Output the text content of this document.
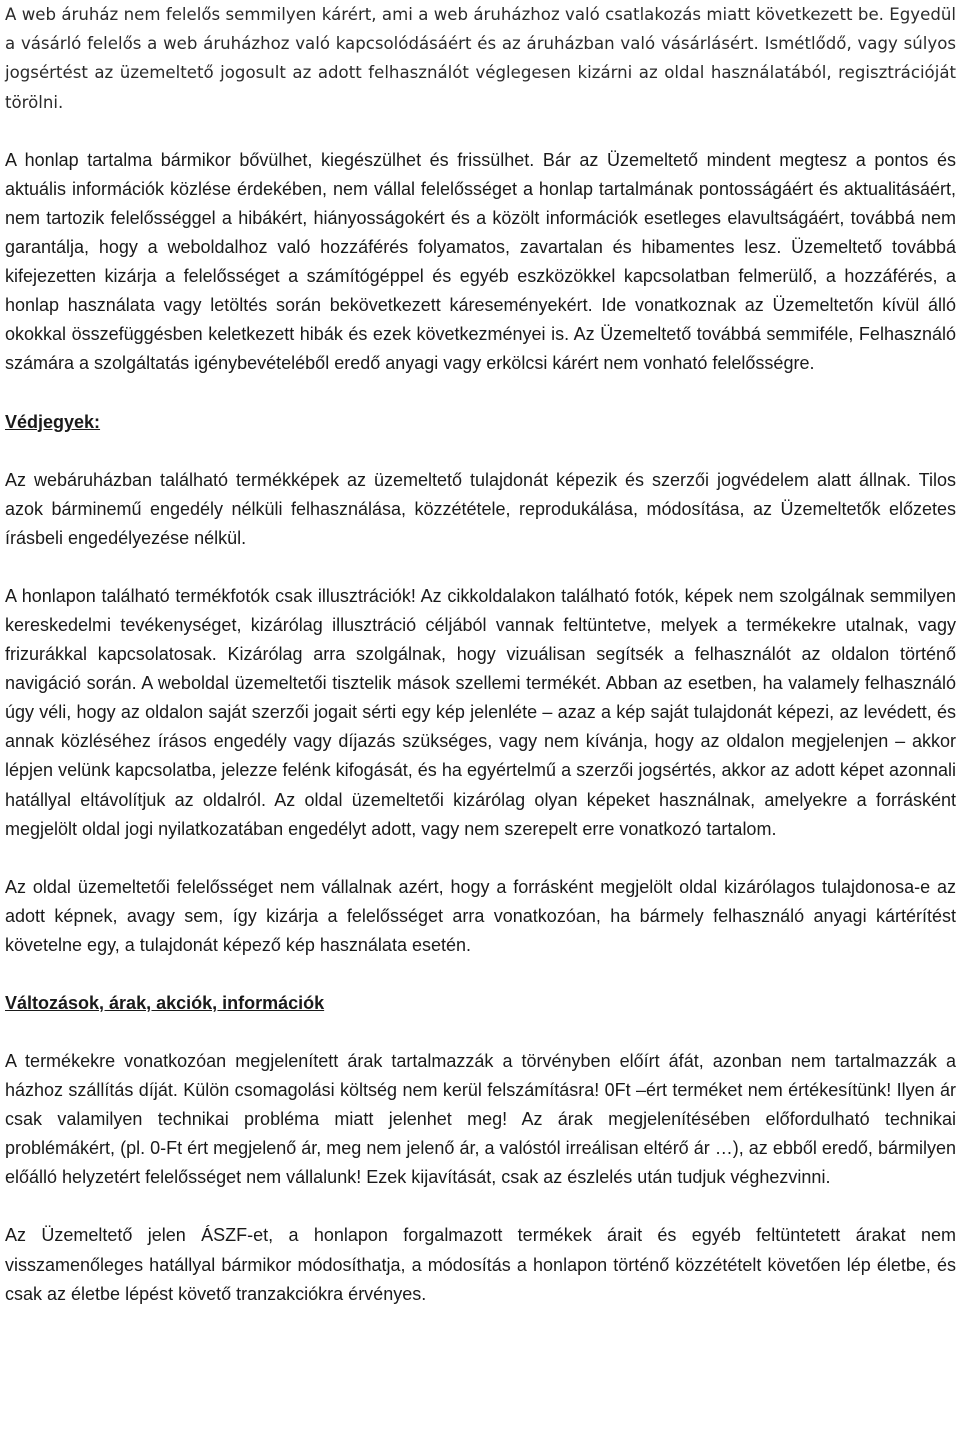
A web áruház nem felelős semmilyen kárért, ami a web áruházhoz való csatlakozás miatt következett be. Egyedül a vásárló felelős a web áruházhoz való kapcsolódásáért és az áruházban való vásárlásért. Ismétlődő, vagy súlyos jogsértést az üzemeltető jogosult az adott felhasználót véglegesen kizárni az oldal használatából, regisztrációját törölni.

A honlap tartalma bármikor bővülhet, kiegészülhet és frissülhet. Bár az Üzemeltető mindent megtesz a pontos és aktuális információk közlése érdekében, nem vállal felelősséget a honlap tartalmának pontosságáért és aktualitásáért, nem tartozik felelősséggel a hibákért, hiányosságokért és a közölt információk esetleges elavultságáért, továbbá nem garantálja, hogy a weboldalhoz való hozzáférés folyamatos, zavartalan és hibamentes lesz. Üzemeltető továbbá kifejezetten kizárja a felelősséget a számítógéppel és egyéb eszközökkel kapcsolatban felmerülő, a hozzáférés, a honlap használata vagy letöltés során bekövetkezett káreseményekért. Ide vonatkoznak az Üzemeltetőn kívül álló okokkal összefüggésben keletkezett hibák és ezek következményei is. Az Üzemeltető továbbá semmiféle, Felhasználó számára a szolgáltatás igénybevételéből eredő anyagi vagy erkölcsi kárért nem vonható felelősségre.

Védjegyek:

Az webáruházban található termékképek az üzemeltető tulajdonát képezik és szerzői jogvédelem alatt állnak. Tilos azok bárminemű engedély nélküli felhasználása, közzététele, reprodukálása, módosítása, az Üzemeltetők előzetes írásbeli engedélyezése nélkül.

A honlapon található termékfotók csak illusztrációk! Az cikkoldalakon található fotók, képek nem szolgálnak semmilyen kereskedelmi tevékenységet, kizárólag illusztráció céljából vannak feltüntetve, melyek a termékekre utalnak, vagy frizurákkal kapcsolatosak. Kizárólag arra szolgálnak, hogy vizuálisan segítsék a felhasználót az oldalon történő navigáció során. A weboldal üzemeltetői tisztelik mások szellemi termékét. Abban az esetben, ha valamely felhasználó úgy véli, hogy az oldalon saját szerzői jogait sérti egy kép jelenléte – azaz a kép saját tulajdonát képezi, az levédett, és annak közléséhez írásos engedély vagy díjazás szükséges, vagy nem kívánja, hogy az oldalon megjelenjen – akkor lépjen velünk kapcsolatba, jelezze felénk kifogását, és ha egyértelmű a szerzői jogsértés, akkor az adott képet azonnali hatállyal eltávolítjuk az oldalról. Az oldal üzemeltetői kizárólag olyan képeket használnak, amelyekre a forrásként megjelölt oldal jogi nyilatkozatában engedélyt adott, vagy nem szerepelt erre vonatkozó tartalom.

Az oldal üzemeltetői felelősséget nem vállalnak azért, hogy a forrásként megjelölt oldal kizárólagos tulajdonosa-e az adott képnek, avagy sem, így kizárja a felelősséget arra vonatkozóan, ha bármely felhasználó anyagi kártérítést követelne egy, a tulajdonát képező kép használata esetén.

Változások, árak, akciók, információk

A termékekre vonatkozóan megjelenített árak tartalmazzák a törvényben előírt áfát, azonban nem tartalmazzák a házhoz szállítás díját. Külön csomagolási költség nem kerül felszámításra! 0Ft –ért terméket nem értékesítünk! Ilyen ár csak valamilyen technikai probléma miatt jelenhet meg! Az árak megjelenítésében előfordulható technikai problémákért, (pl. 0-Ft ért megjelenő ár, meg nem jelenő ár, a valóstól irreálisan eltérő ár …), az ebből eredő, bármilyen előálló helyzetért felelősséget nem vállalunk! Ezek kijavítását, csak az észlelés után tudjuk véghezvinni.

Az Üzemeltető jelen ÁSZF-et, a honlapon forgalmazott termékek árait és egyéb feltüntetett árakat nem visszamenőleges hatállyal bármikor módosíthatja, a módosítás a honlapon történő közzétételt követően lép életbe, és csak az életbe lépést követő tranzakciókra érvényes.
